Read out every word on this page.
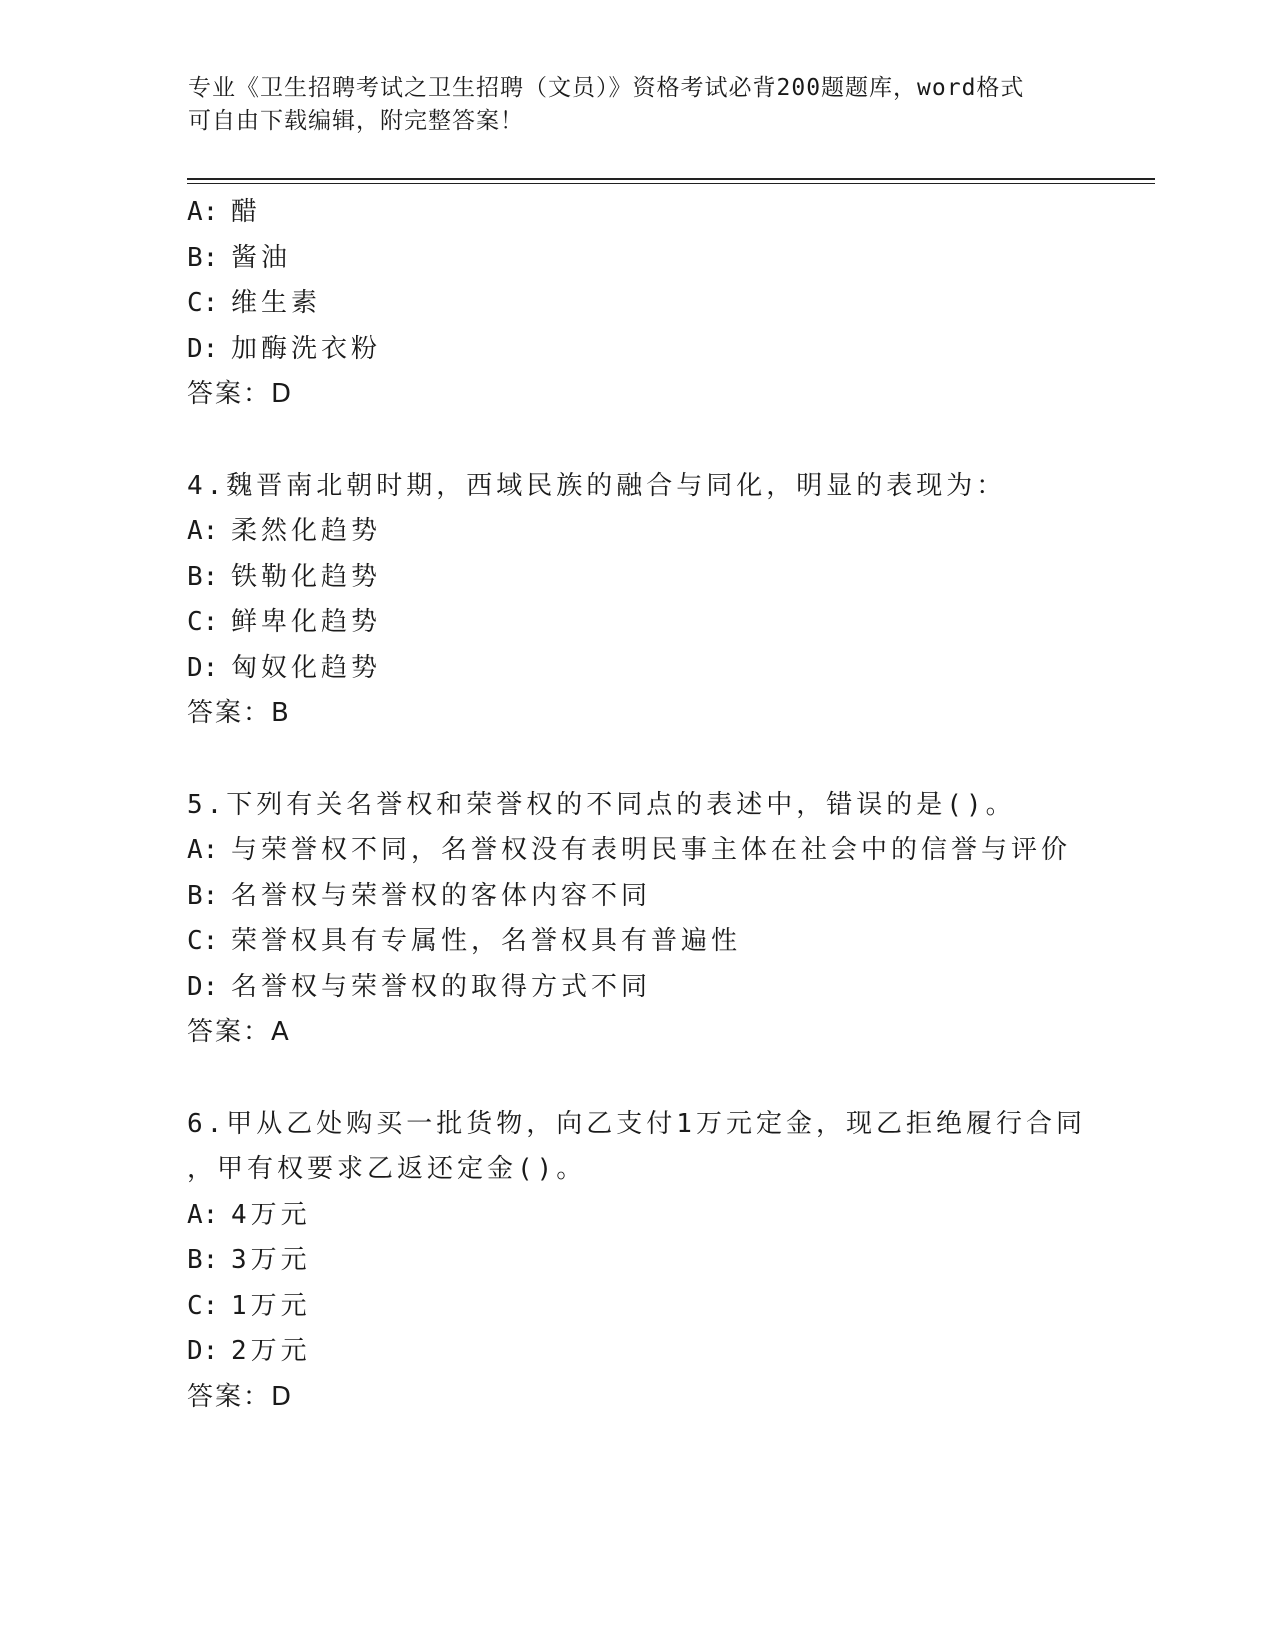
专业《卫生招聘考试之卫生招聘（文员）》资格考试必背200题题库，word格式
可自由下载编辑，附完整答案！
A: 醋
B: 酱油
C: 维生素
D: 加酶洗衣粉
答案：D
4.魏晋南北朝时期，西域民族的融合与同化，明显的表现为：
A: 柔然化趋势
B: 铁勒化趋势
C: 鲜卑化趋势
D: 匈奴化趋势
答案：B
5.下列有关名誉权和荣誉权的不同点的表述中，错误的是()。
A: 与荣誉权不同，名誉权没有表明民事主体在社会中的信誉与评价
B: 名誉权与荣誉权的客体内容不同
C: 荣誉权具有专属性，名誉权具有普遍性
D: 名誉权与荣誉权的取得方式不同
答案：A
6.甲从乙处购买一批货物，向乙支付1万元定金，现乙拒绝履行合同
，甲有权要求乙返还定金()。
A: 4万元
B: 3万元
C: 1万元
D: 2万元
答案：D
